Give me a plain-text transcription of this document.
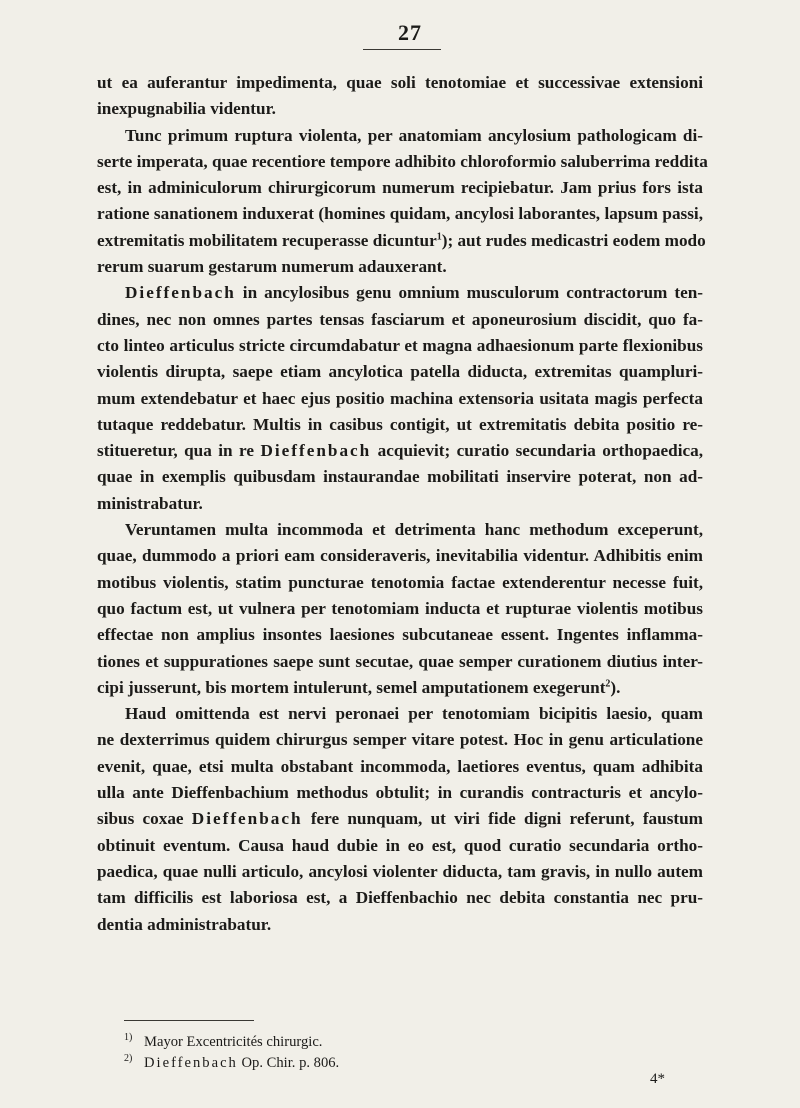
27
ut ea auferantur impedimenta, quae soli tenotomiae et successivae extensioni
inexpugnabilia videntur.
Tunc primum ruptura violenta, per anatomiam ancylosium pathologicam di-
serte imperata, quae recentiore tempore adhibito chloroformio saluberrima reddita
est, in adminiculorum chirurgicorum numerum recipiebatur. Jam prius fors ista
ratione sanationem induxerat (homines quidam, ancylosi laborantes, lapsum passi,
extremitatis mobilitatem recuperasse dicuntur$^1$); aut rudes medicastri eodem modo
rerum suarum gestarum numerum adauxerant.
Dieffenbach in ancylosibus genu omnium musculorum contractorum ten-
dines, nec non omnes partes tensas fasciarum et aponeurosium discidit, quo fa-
cto linteo articulus stricte circumdabatur et magna adhaesionum parte flexionibus
violentis dirupta, saepe etiam ancylotica patella diducta, extremitas quampluri-
mum extendebatur et haec ejus positio machina extensoria usitata magis perfecta
tutaque reddebatur. Multis in casibus contigit, ut extremitatis debita positio re-
stitueretur, qua in re Dieffenbach acquievit; curatio secundaria orthopaedica,
quae in exemplis quibusdam instaurandae mobilitati inservire poterat, non ad-
ministrabatur.
Veruntamen multa incommoda et detrimenta hanc methodum exceperunt,
quae, dummodo a priori eam consideraveris, inevitabilia videntur. Adhibitis enim
motibus violentis, statim puncturae tenotomia factae extenderentur necesse fuit,
quo factum est, ut vulnera per tenotomiam inducta et rupturae violentis motibus
effectae non amplius insontes laesiones subcutaneae essent. Ingentes inflamma-
tiones et suppurationes saepe sunt secutae, quae semper curationem diutius inter-
cipi jusserunt, bis mortem intulerunt, semel amputationem exegerunt$^2$).
Haud omittenda est nervi peronaei per tenotomiam bicipitis laesio, quam
ne dexterrimus quidem chirurgus semper vitare potest. Hoc in genu articulatione
evenit, quae, etsi multa obstabant incommoda, laetiores eventus, quam adhibita
ulla ante Dieffenbachium methodus obtulit; in curandis contracturis et ancylo-
sibus coxae Dieffenbach fere nunquam, ut viri fide digni referunt, faustum
obtinuit eventum. Causa haud dubie in eo est, quod curatio secundaria ortho-
paedica, quae nulli articulo, ancylosi violenter diducta, tam gravis, in nullo autem
tam difficilis est laboriosa est, a Dieffenbachio nec debita constantia nec pru-
dentia administrabatur.
1) Mayor Excentricités chirurgic.
2) Dieffenbach Op. Chir. p. 806.
4*
